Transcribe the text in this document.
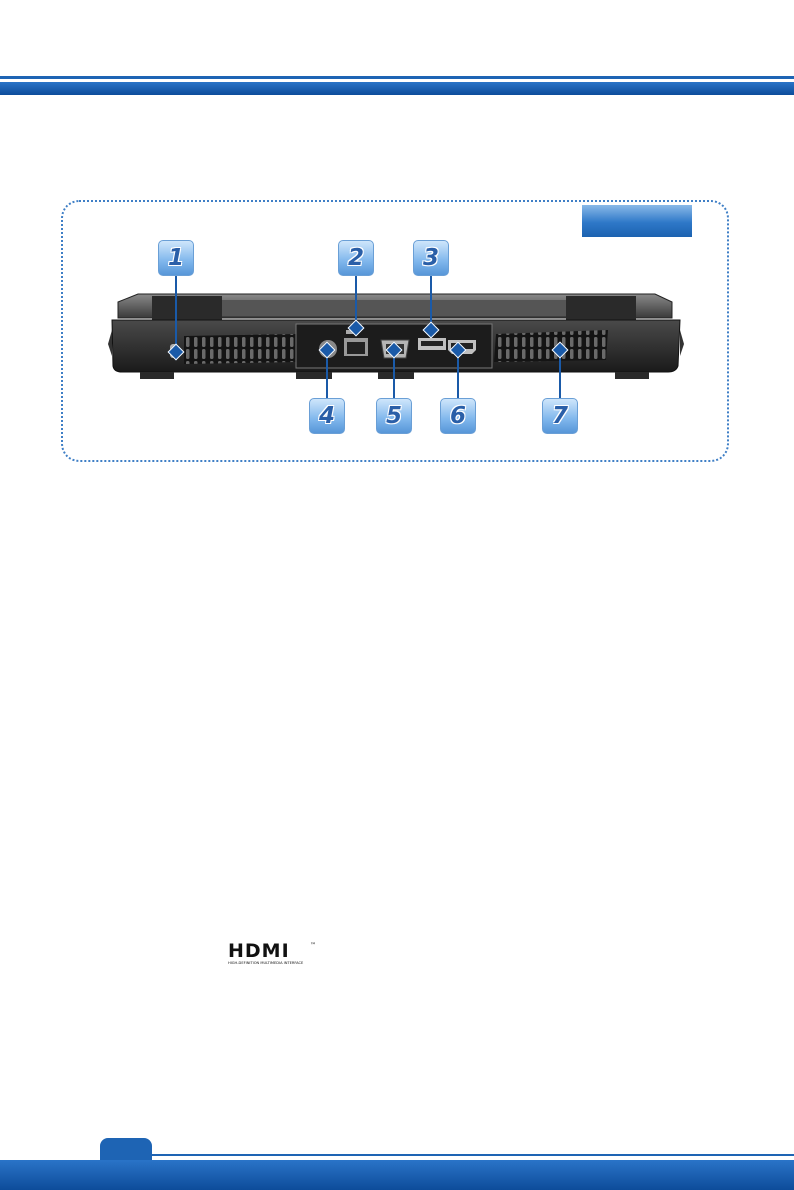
1	2	3
4	5	6	7
HDMI	™
HIGH-DEFINITION MULTIMEDIA INTERFACE
